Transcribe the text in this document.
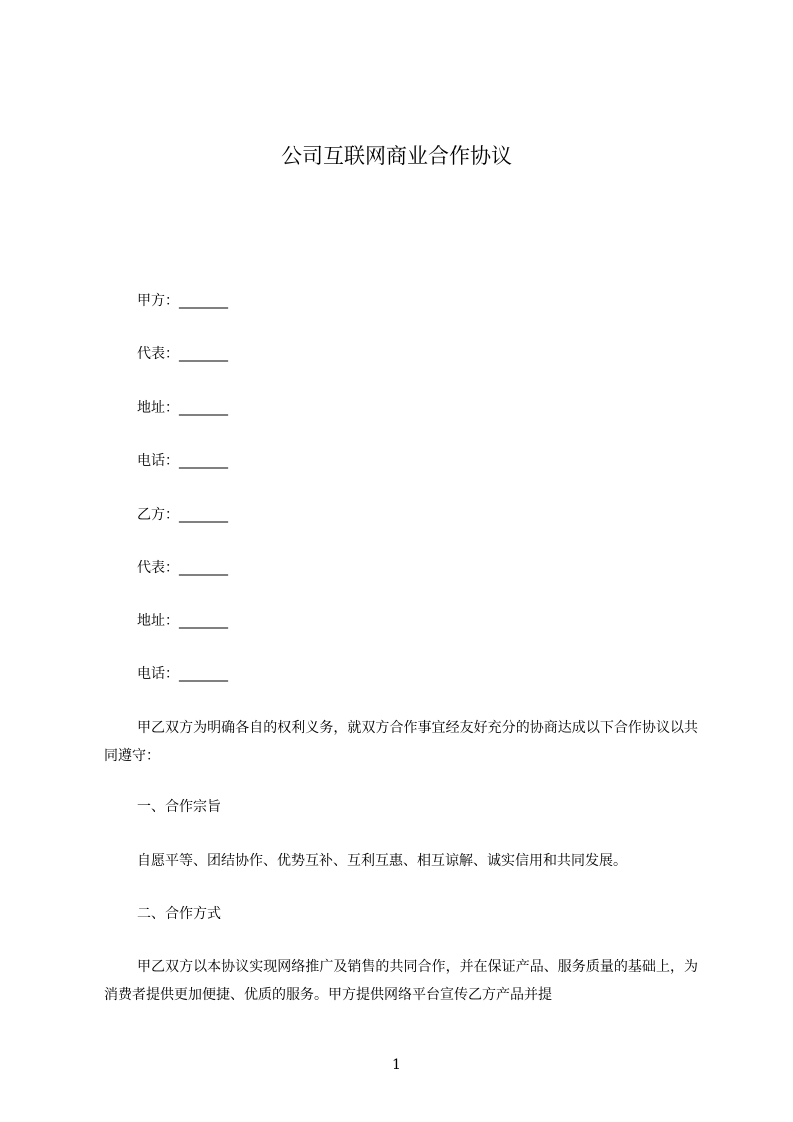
公司互联网商业合作协议
甲方：_______
代表：_______
地址：_______
电话：_______
乙方：_______
代表：_______
地址：_______
电话：_______

甲乙双方为明确各自的权利义务，就双方合作事宜经友好充分的协商达成以下合作协议以共同遵守：

一、合作宗旨

自愿平等、团结协作、优势互补、互利互惠、相互谅解、诚实信用和共同发展。

二、合作方式

甲乙双方以本协议实现网络推广及销售的共同合作，并在保证产品、服务质量的基础上，为消费者提供更加便捷、优质的服务。甲方提供网络平台宣传乙方产品并提

1
